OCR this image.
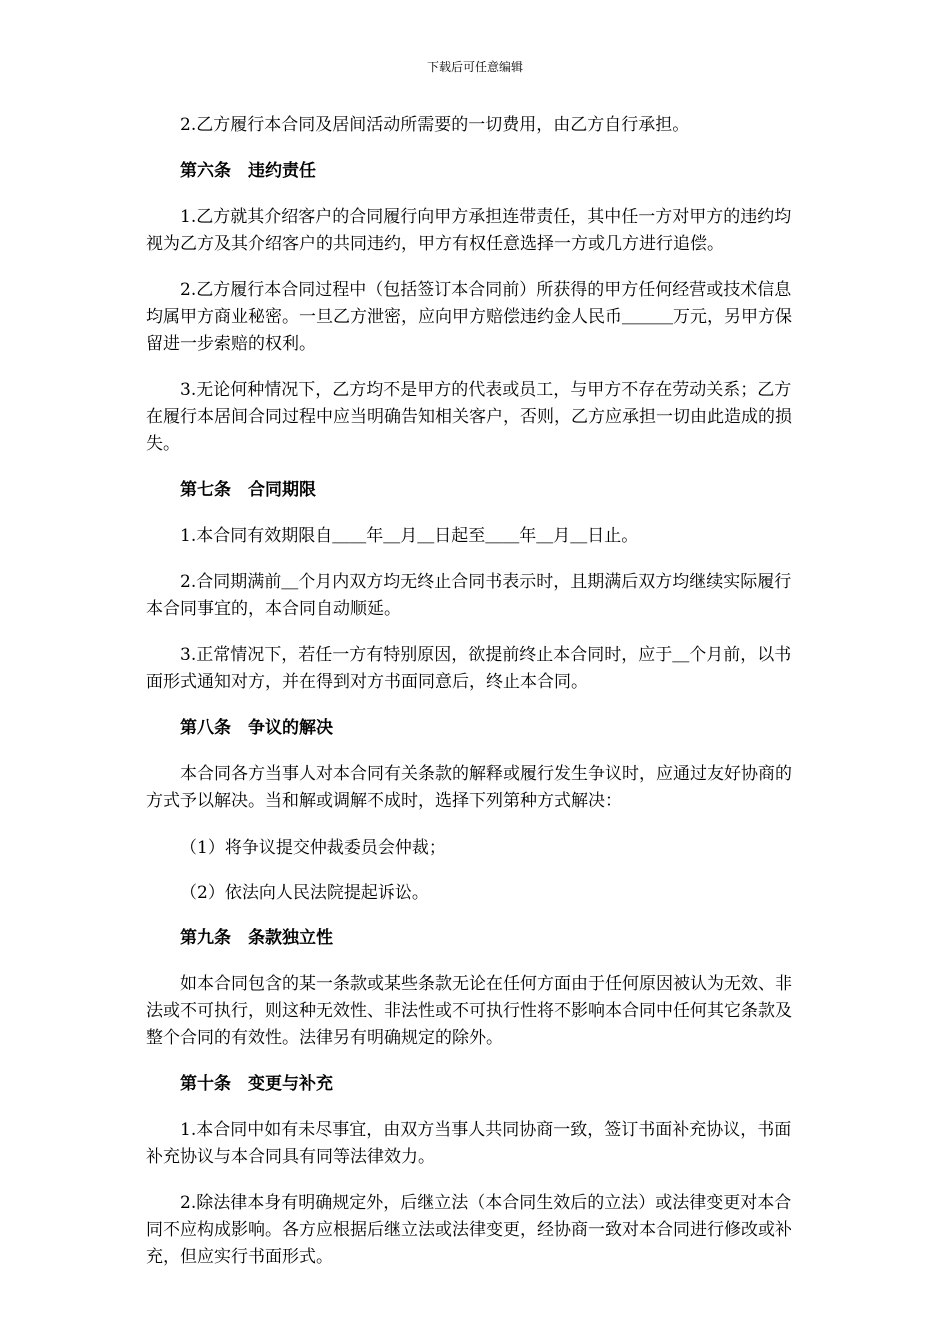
下载后可任意编辑

2.乙方履行本合同及居间活动所需要的一切费用，由乙方自行承担。

第六条　违约责任

1.乙方就其介绍客户的合同履行向甲方承担连带责任，其中任一方对甲方的违约均视为乙方及其介绍客户的共同违约，甲方有权任意选择一方或几方进行追偿。

2.乙方履行本合同过程中（包括签订本合同前）所获得的甲方任何经营或技术信息均属甲方商业秘密。一旦乙方泄密，应向甲方赔偿违约金人民币＿＿＿万元，另甲方保留进一步索赔的权利。

3.无论何种情况下，乙方均不是甲方的代表或员工，与甲方不存在劳动关系；乙方在履行本居间合同过程中应当明确告知相关客户，否则，乙方应承担一切由此造成的损失。

第七条　合同期限

1.本合同有效期限自＿＿年＿月＿日起至＿＿年＿月＿日止。

2.合同期满前＿个月内双方均无终止合同书表示时，且期满后双方均继续实际履行本合同事宜的，本合同自动顺延。

3.正常情况下，若任一方有特别原因，欲提前终止本合同时，应于＿个月前，以书面形式通知对方，并在得到对方书面同意后，终止本合同。

第八条　争议的解决

本合同各方当事人对本合同有关条款的解释或履行发生争议时，应通过友好协商的方式予以解决。当和解或调解不成时，选择下列第种方式解决：

（1）将争议提交仲裁委员会仲裁；

（2）依法向人民法院提起诉讼。

第九条　条款独立性

如本合同包含的某一条款或某些条款无论在任何方面由于任何原因被认为无效、非法或不可执行，则这种无效性、非法性或不可执行性将不影响本合同中任何其它条款及整个合同的有效性。法律另有明确规定的除外。

第十条　变更与补充

1.本合同中如有未尽事宜，由双方当事人共同协商一致，签订书面补充协议，书面补充协议与本合同具有同等法律效力。

2.除法律本身有明确规定外，后继立法（本合同生效后的立法）或法律变更对本合同不应构成影响。各方应根据后继立法或法律变更，经协商一致对本合同进行修改或补充，但应实行书面形式。
